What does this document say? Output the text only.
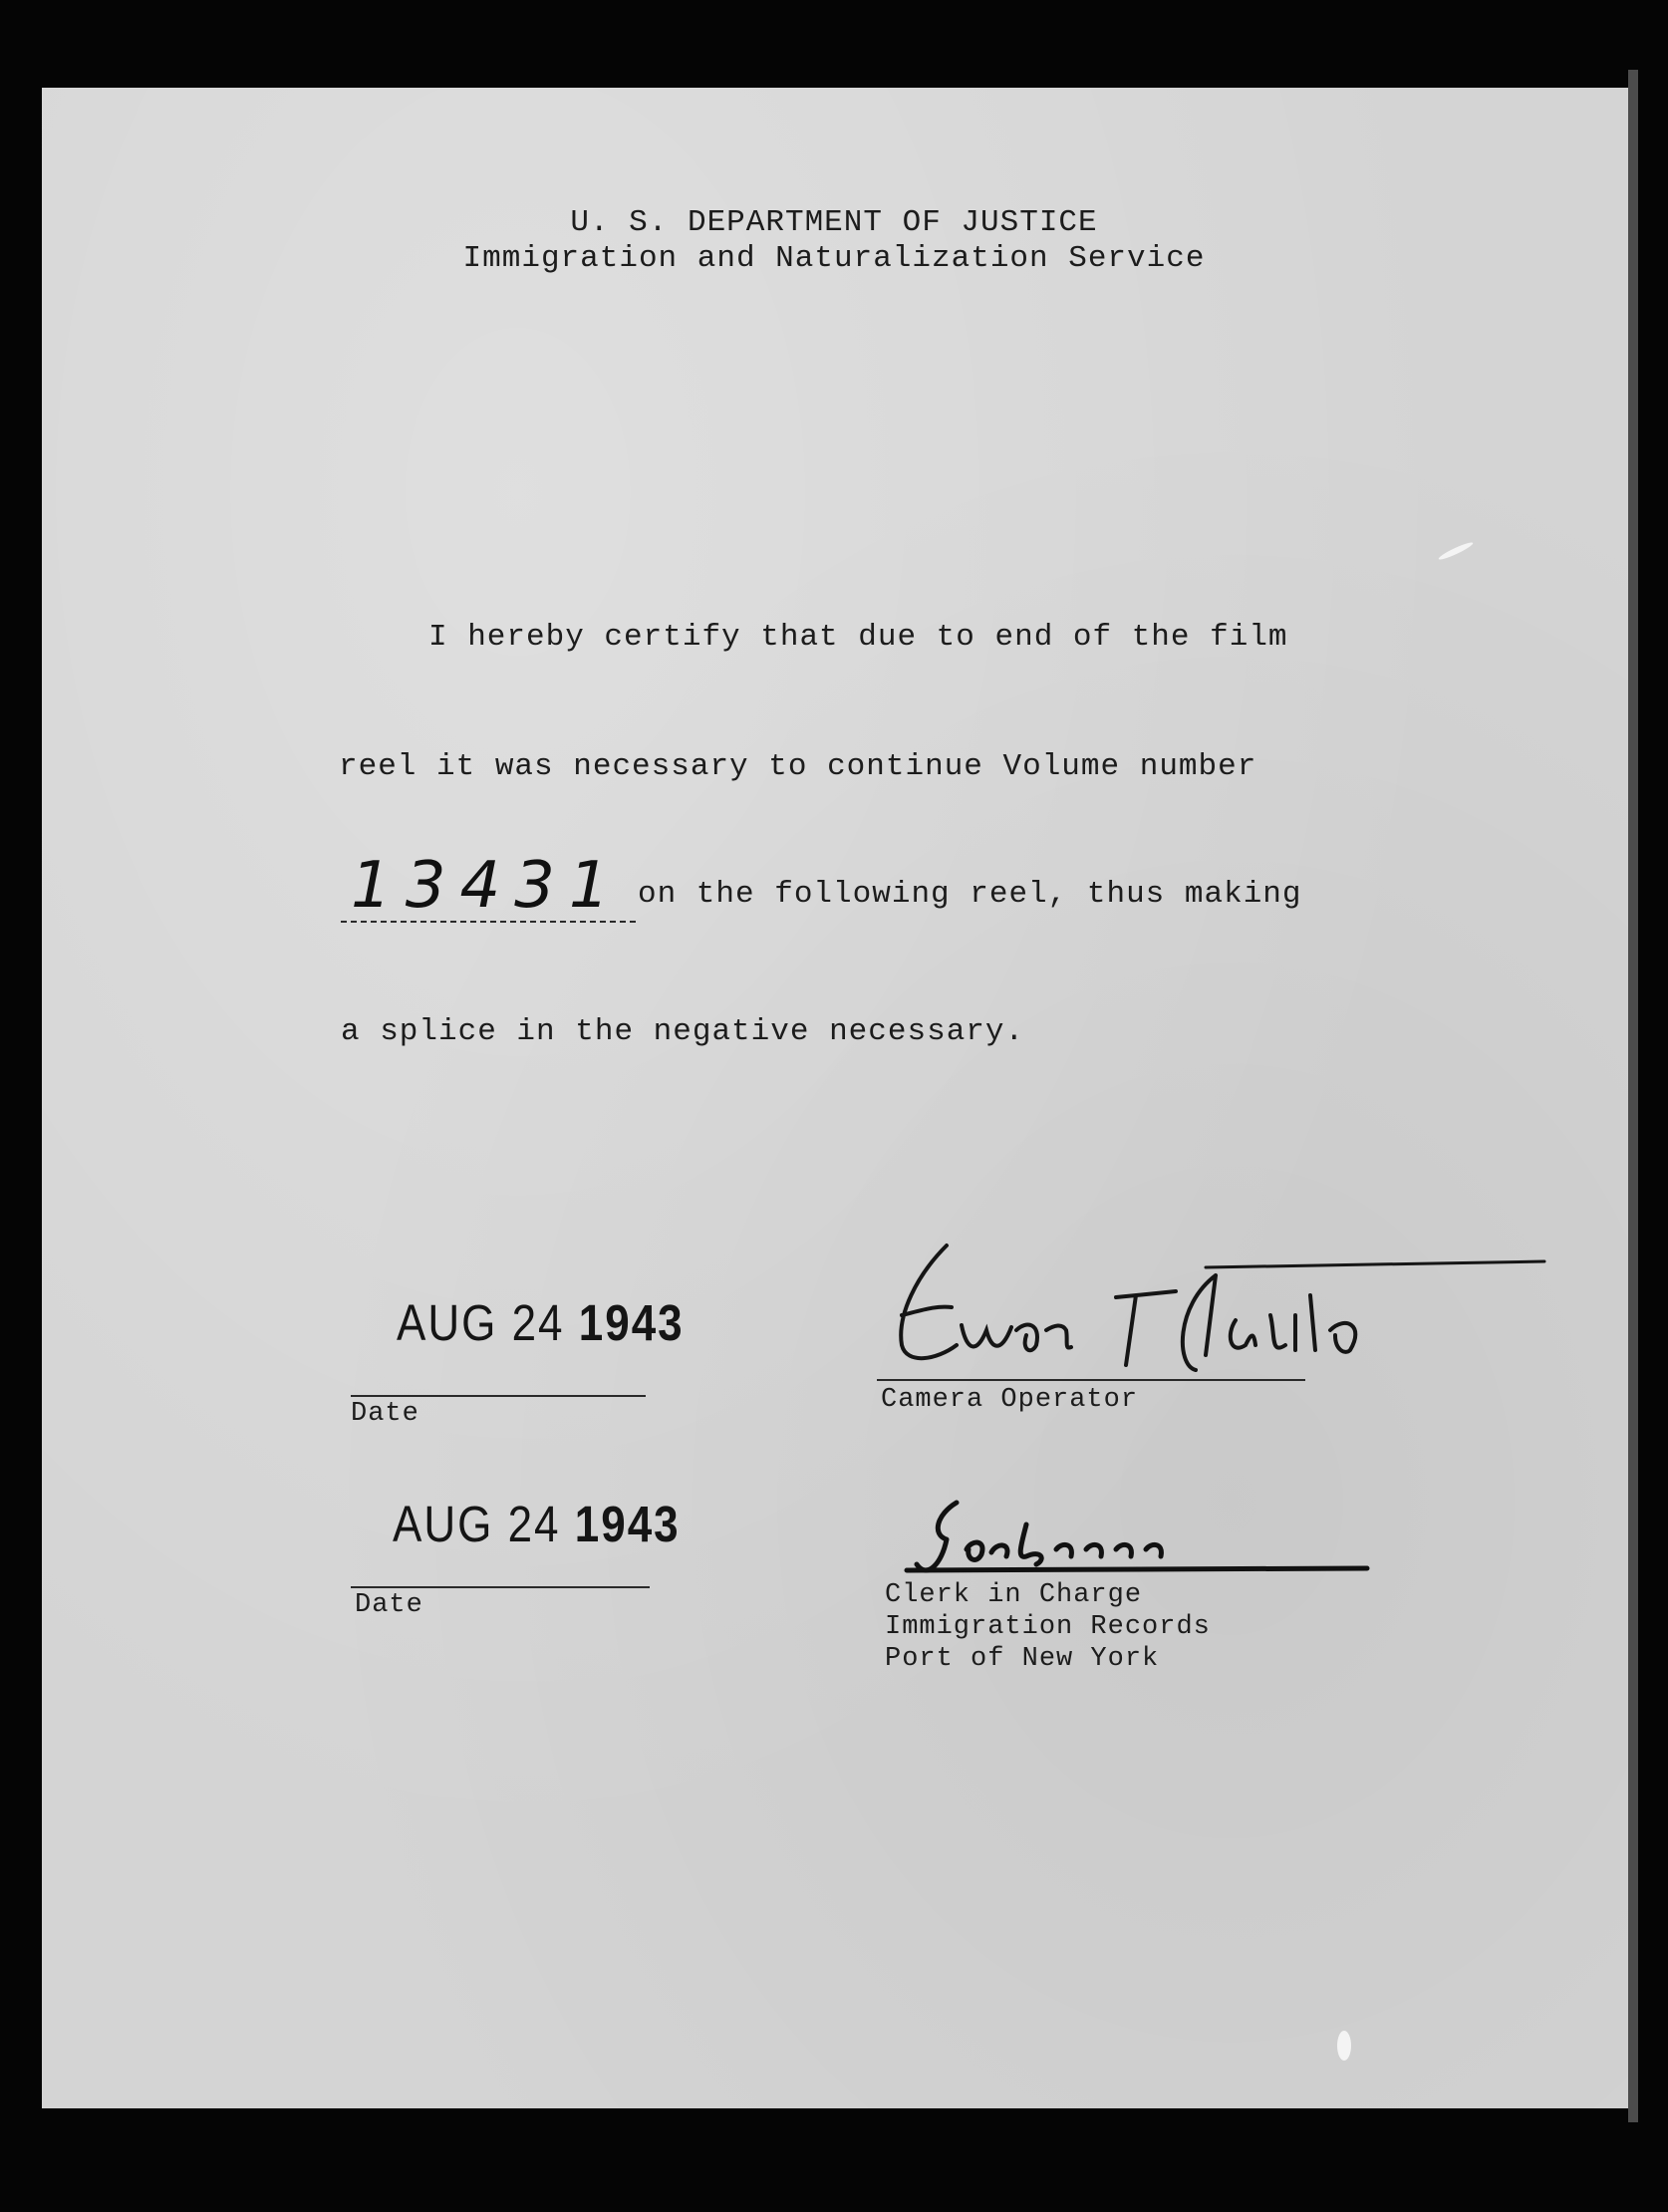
U. S. DEPARTMENT OF JUSTICE
Immigration and Naturalization Service
I hereby certify that due to end of the film
reel it was necessary to continue Volume number
13431 on the following reel, thus making
a splice in the negative necessary.
AUG 24 1943
Date
AUG 24 1943
Date
Camera Operator
Clerk in Charge
Immigration Records
Port of New York
